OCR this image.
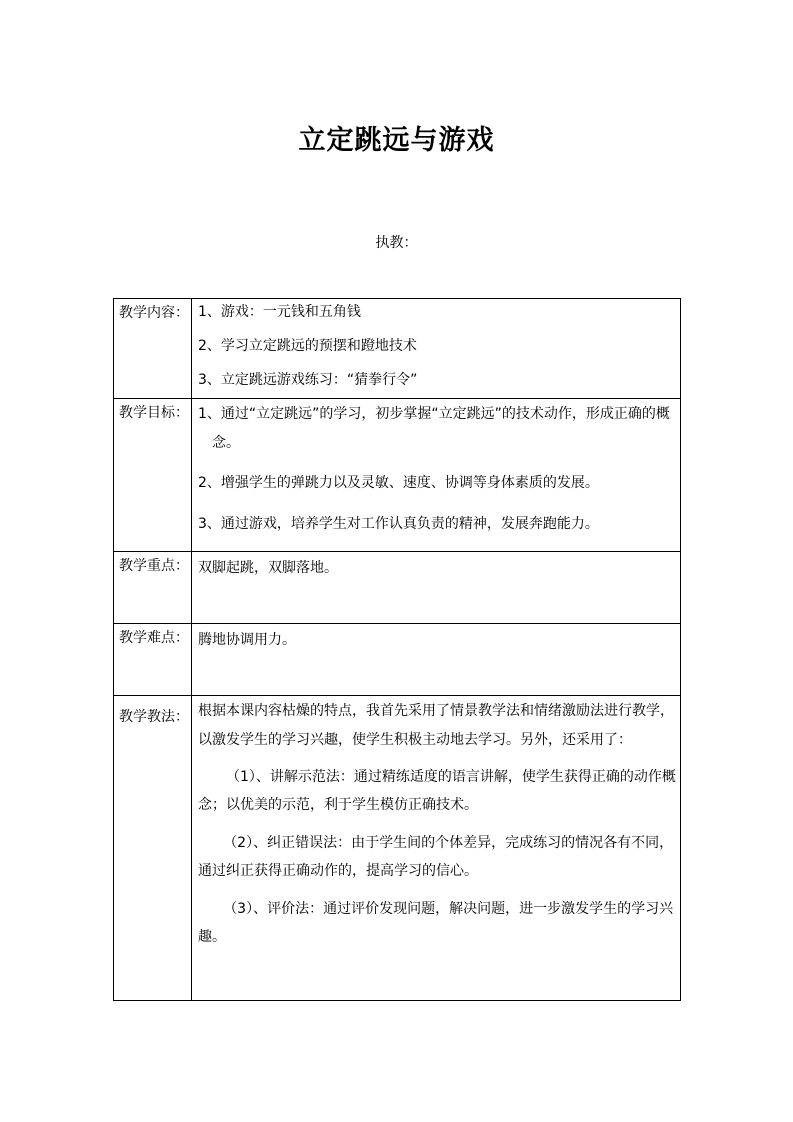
立定跳远与游戏
执教：
教学内容：	1、游戏：一元钱和五角钱
2、学习立定跳远的预摆和蹬地技术
3、立定跳远游戏练习：“猜拳行令”

教学目标：	1、通过“立定跳远”的学习，初步掌握“立定跳远”的技术动作，形成正确的概念。
2、增强学生的弹跳力以及灵敏、速度、协调等身体素质的发展。
3、通过游戏，培养学生对工作认真负责的精神，发展奔跑能力。

教学重点：	双脚起跳，双脚落地。

教学难点：	腾地协调用力。

教学教法：	根据本课内容枯燥的特点，我首先采用了情景教学法和情绪激励法进行教学，以激发学生的学习兴趣，使学生积极主动地去学习。另外，还采用了：
（1）、讲解示范法：通过精练适度的语言讲解，使学生获得正确的动作概念；以优美的示范，利于学生模仿正确技术。
（2）、纠正错误法：由于学生间的个体差异，完成练习的情况各有不同，通过纠正获得正确动作的，提高学习的信心。
（3）、评价法：通过评价发现问题，解决问题，进一步激发学生的学习兴趣。
